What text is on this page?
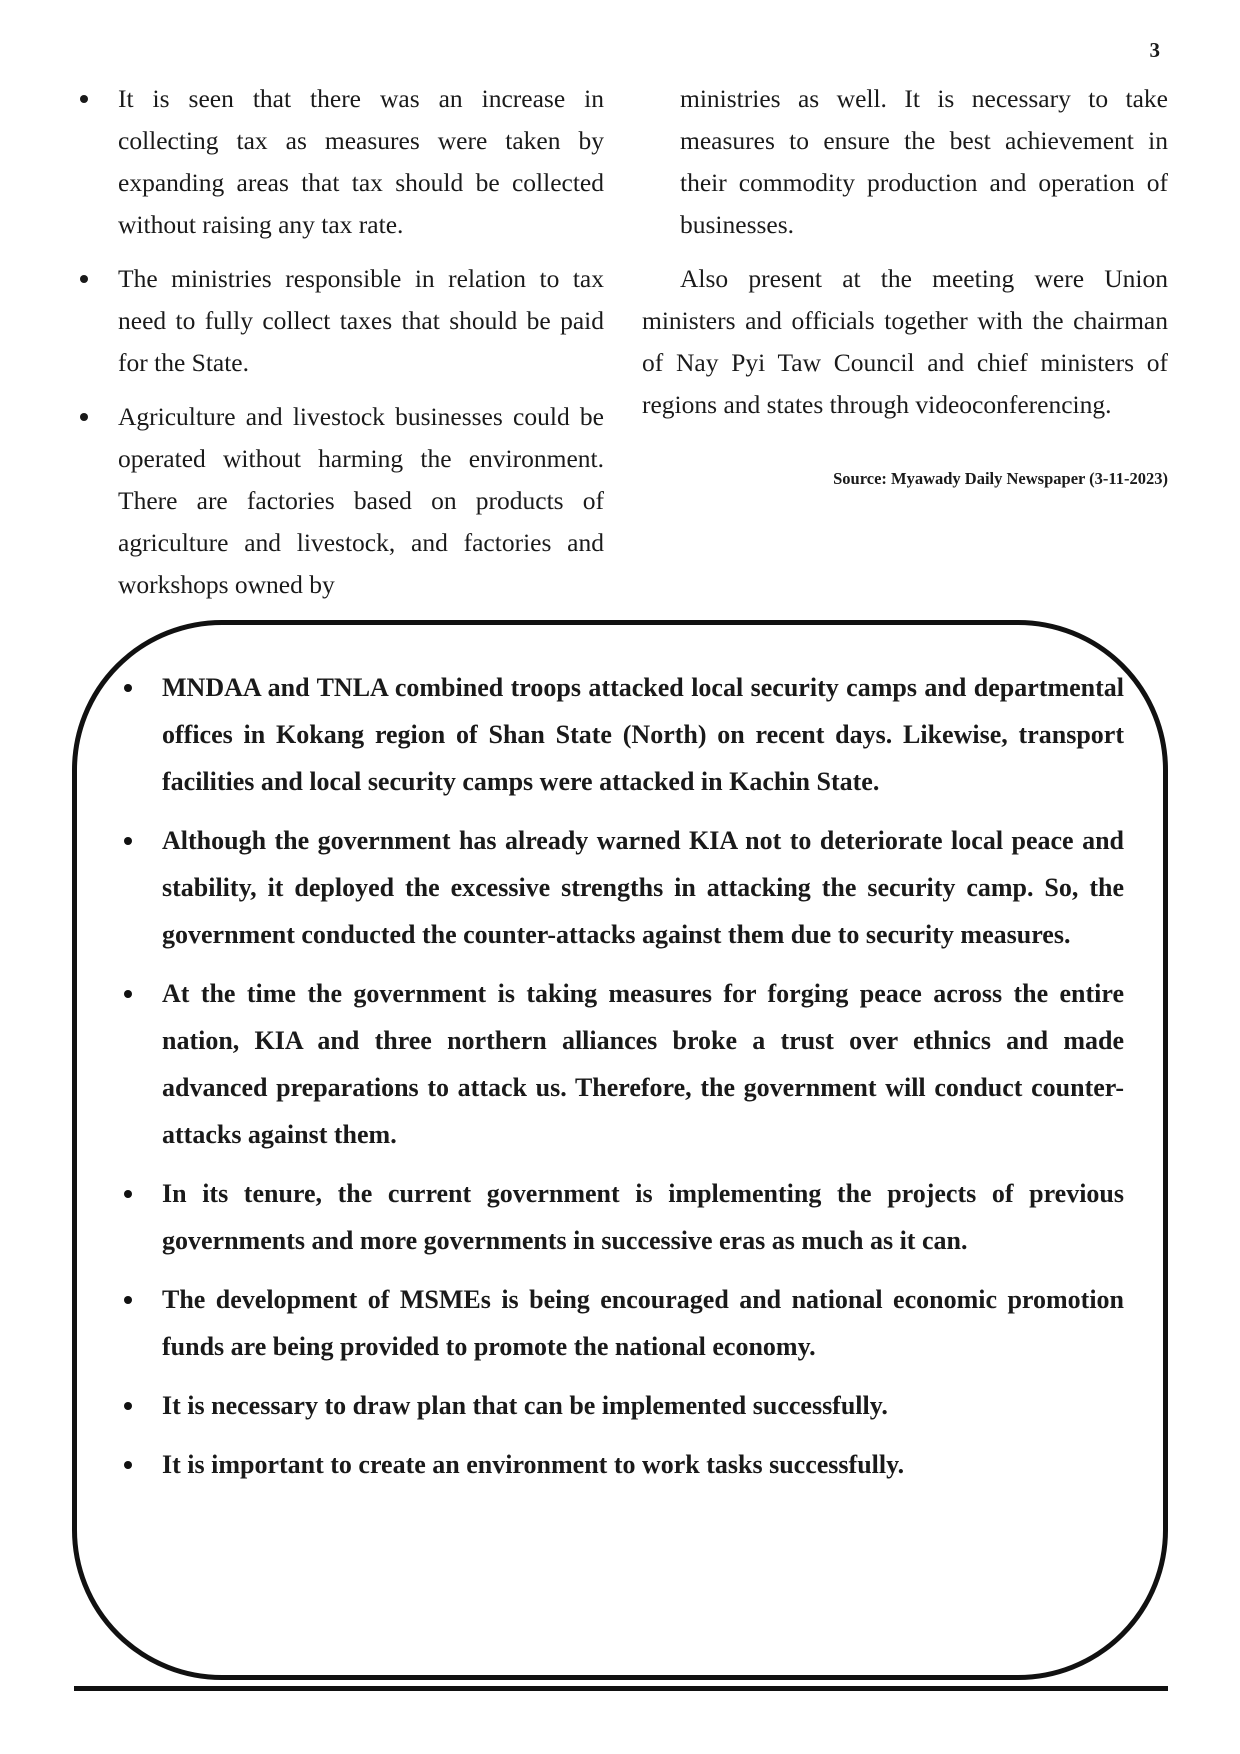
3
It is seen that there was an increase in collecting tax as measures were taken by expanding areas that tax should be collected without raising any tax rate.
The ministries responsible in relation to tax need to fully collect taxes that should be paid for the State.
Agriculture and livestock businesses could be operated without harming the environment. There are factories based on products of agriculture and livestock, and factories and workshops owned by

ministries as well. It is necessary to take measures to ensure the best achievement in their commodity production and operation of businesses.

Also present at the meeting were Union ministers and officials together with the chairman of Nay Pyi Taw Council and chief ministers of regions and states through videoconferencing.

Source: Myawady Daily Newspaper (3-11-2023)
MNDAA and TNLA combined troops attacked local security camps and departmental offices in Kokang region of Shan State (North) on recent days. Likewise, transport facilities and local security camps were attacked in Kachin State.
Although the government has already warned KIA not to deteriorate local peace and stability, it deployed the excessive strengths in attacking the security camp. So, the government conducted the counter-attacks against them due to security measures.
At the time the government is taking measures for forging peace across the entire nation, KIA and three northern alliances broke a trust over ethnics and made advanced preparations to attack us. Therefore, the government will conduct counter-attacks against them.
In its tenure, the current government is implementing the projects of previous governments and more governments in successive eras as much as it can.
The development of MSMEs is being encouraged and national economic promotion funds are being provided to promote the national economy.
It is necessary to draw plan that can be implemented successfully.
It is important to create an environment to work tasks successfully.
